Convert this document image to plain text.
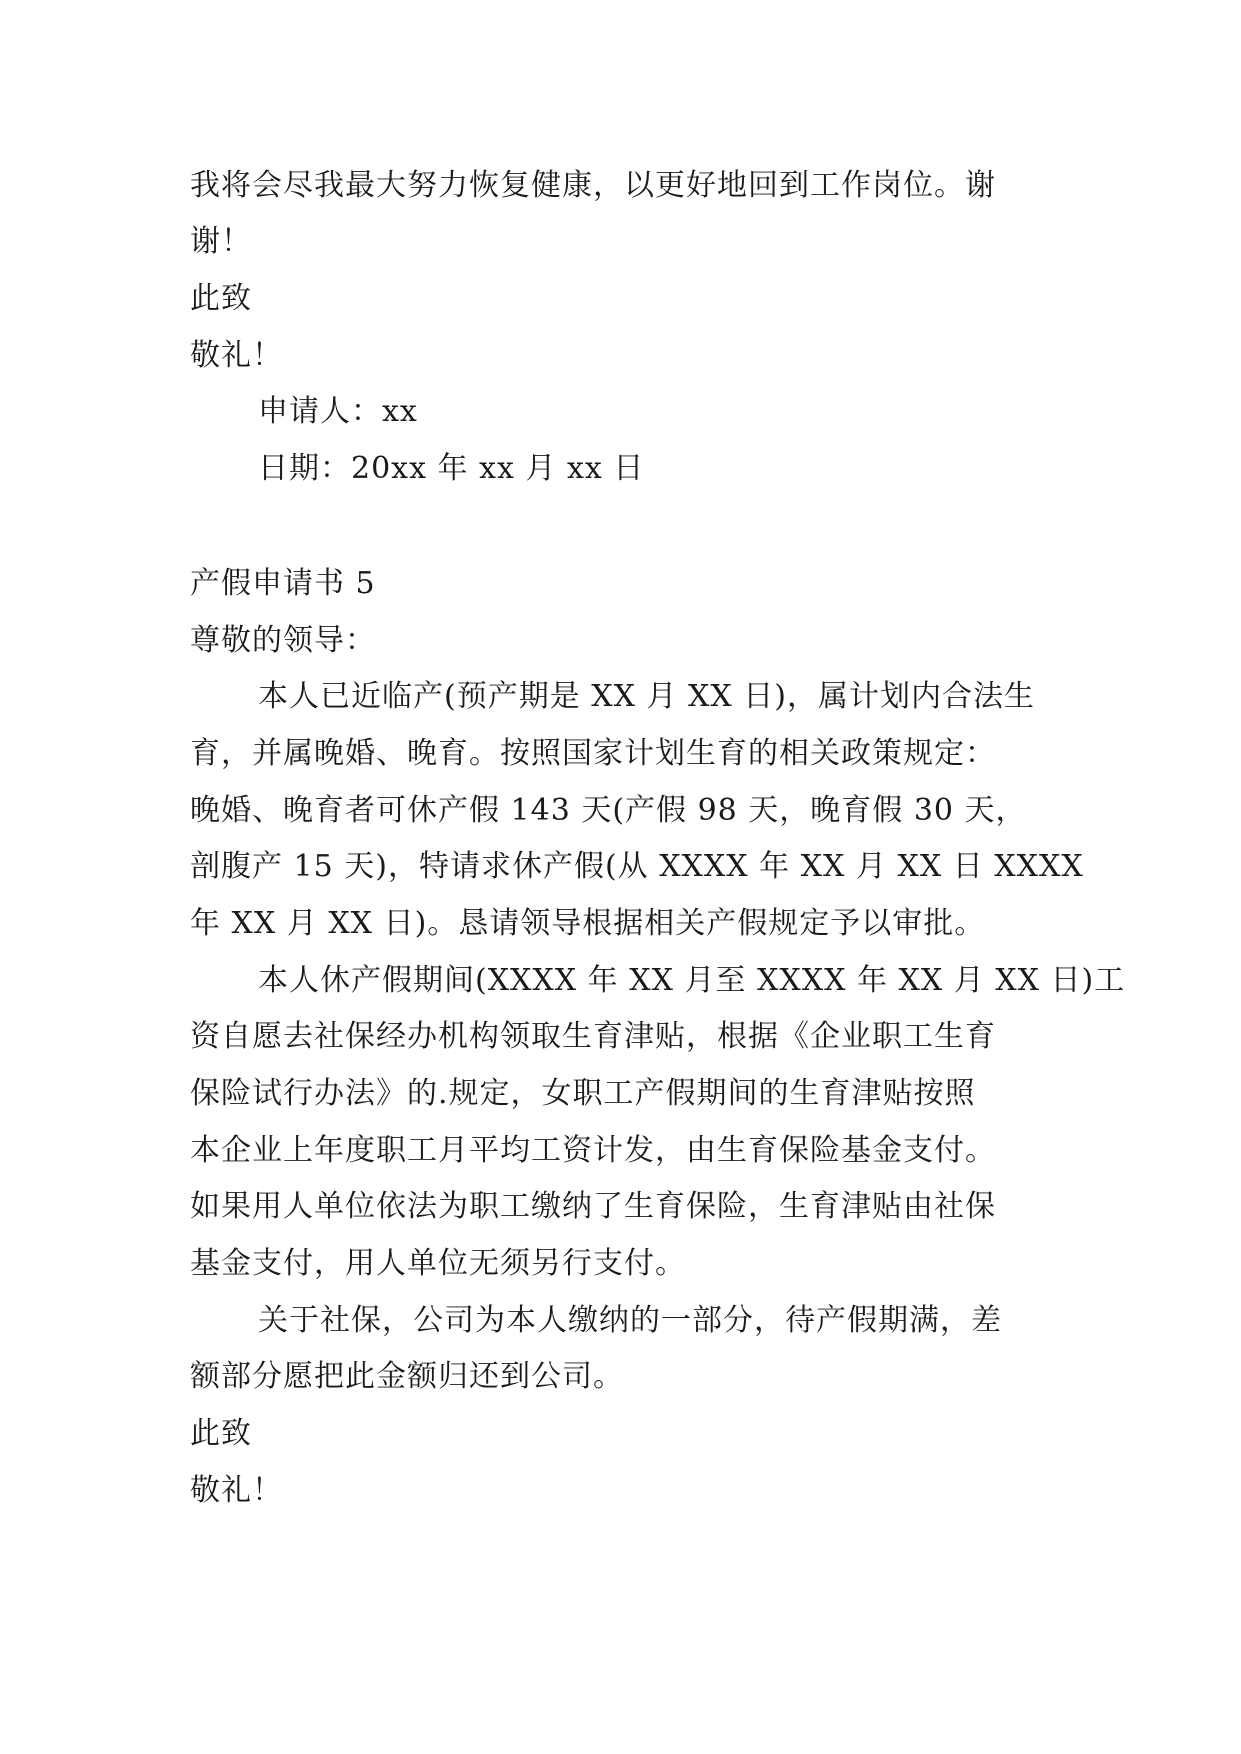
我将会尽我最大努力恢复健康，以更好地回到工作岗位。谢
谢！
此致
敬礼！
申请人：xx
日期：20xx 年 xx 月 xx 日
产假申请书 5
尊敬的领导：
本人已近临产(预产期是 XX 月 XX 日)，属计划内合法生
育，并属晚婚、晚育。按照国家计划生育的相关政策规定：
晚婚、晚育者可休产假 143 天(产假 98 天，晚育假 30 天，
剖腹产 15 天)，特请求休产假(从 XXXX 年 XX 月 XX 日 XXXX
年 XX 月 XX 日)。恳请领导根据相关产假规定予以审批。
本人休产假期间(XXXX 年 XX 月至 XXXX 年 XX 月 XX 日)工
资自愿去社保经办机构领取生育津贴，根据《企业职工生育
保险试行办法》的.规定，女职工产假期间的生育津贴按照
本企业上年度职工月平均工资计发，由生育保险基金支付。
如果用人单位依法为职工缴纳了生育保险，生育津贴由社保
基金支付，用人单位无须另行支付。
关于社保，公司为本人缴纳的一部分，待产假期满，差
额部分愿把此金额归还到公司。
此致
敬礼！
